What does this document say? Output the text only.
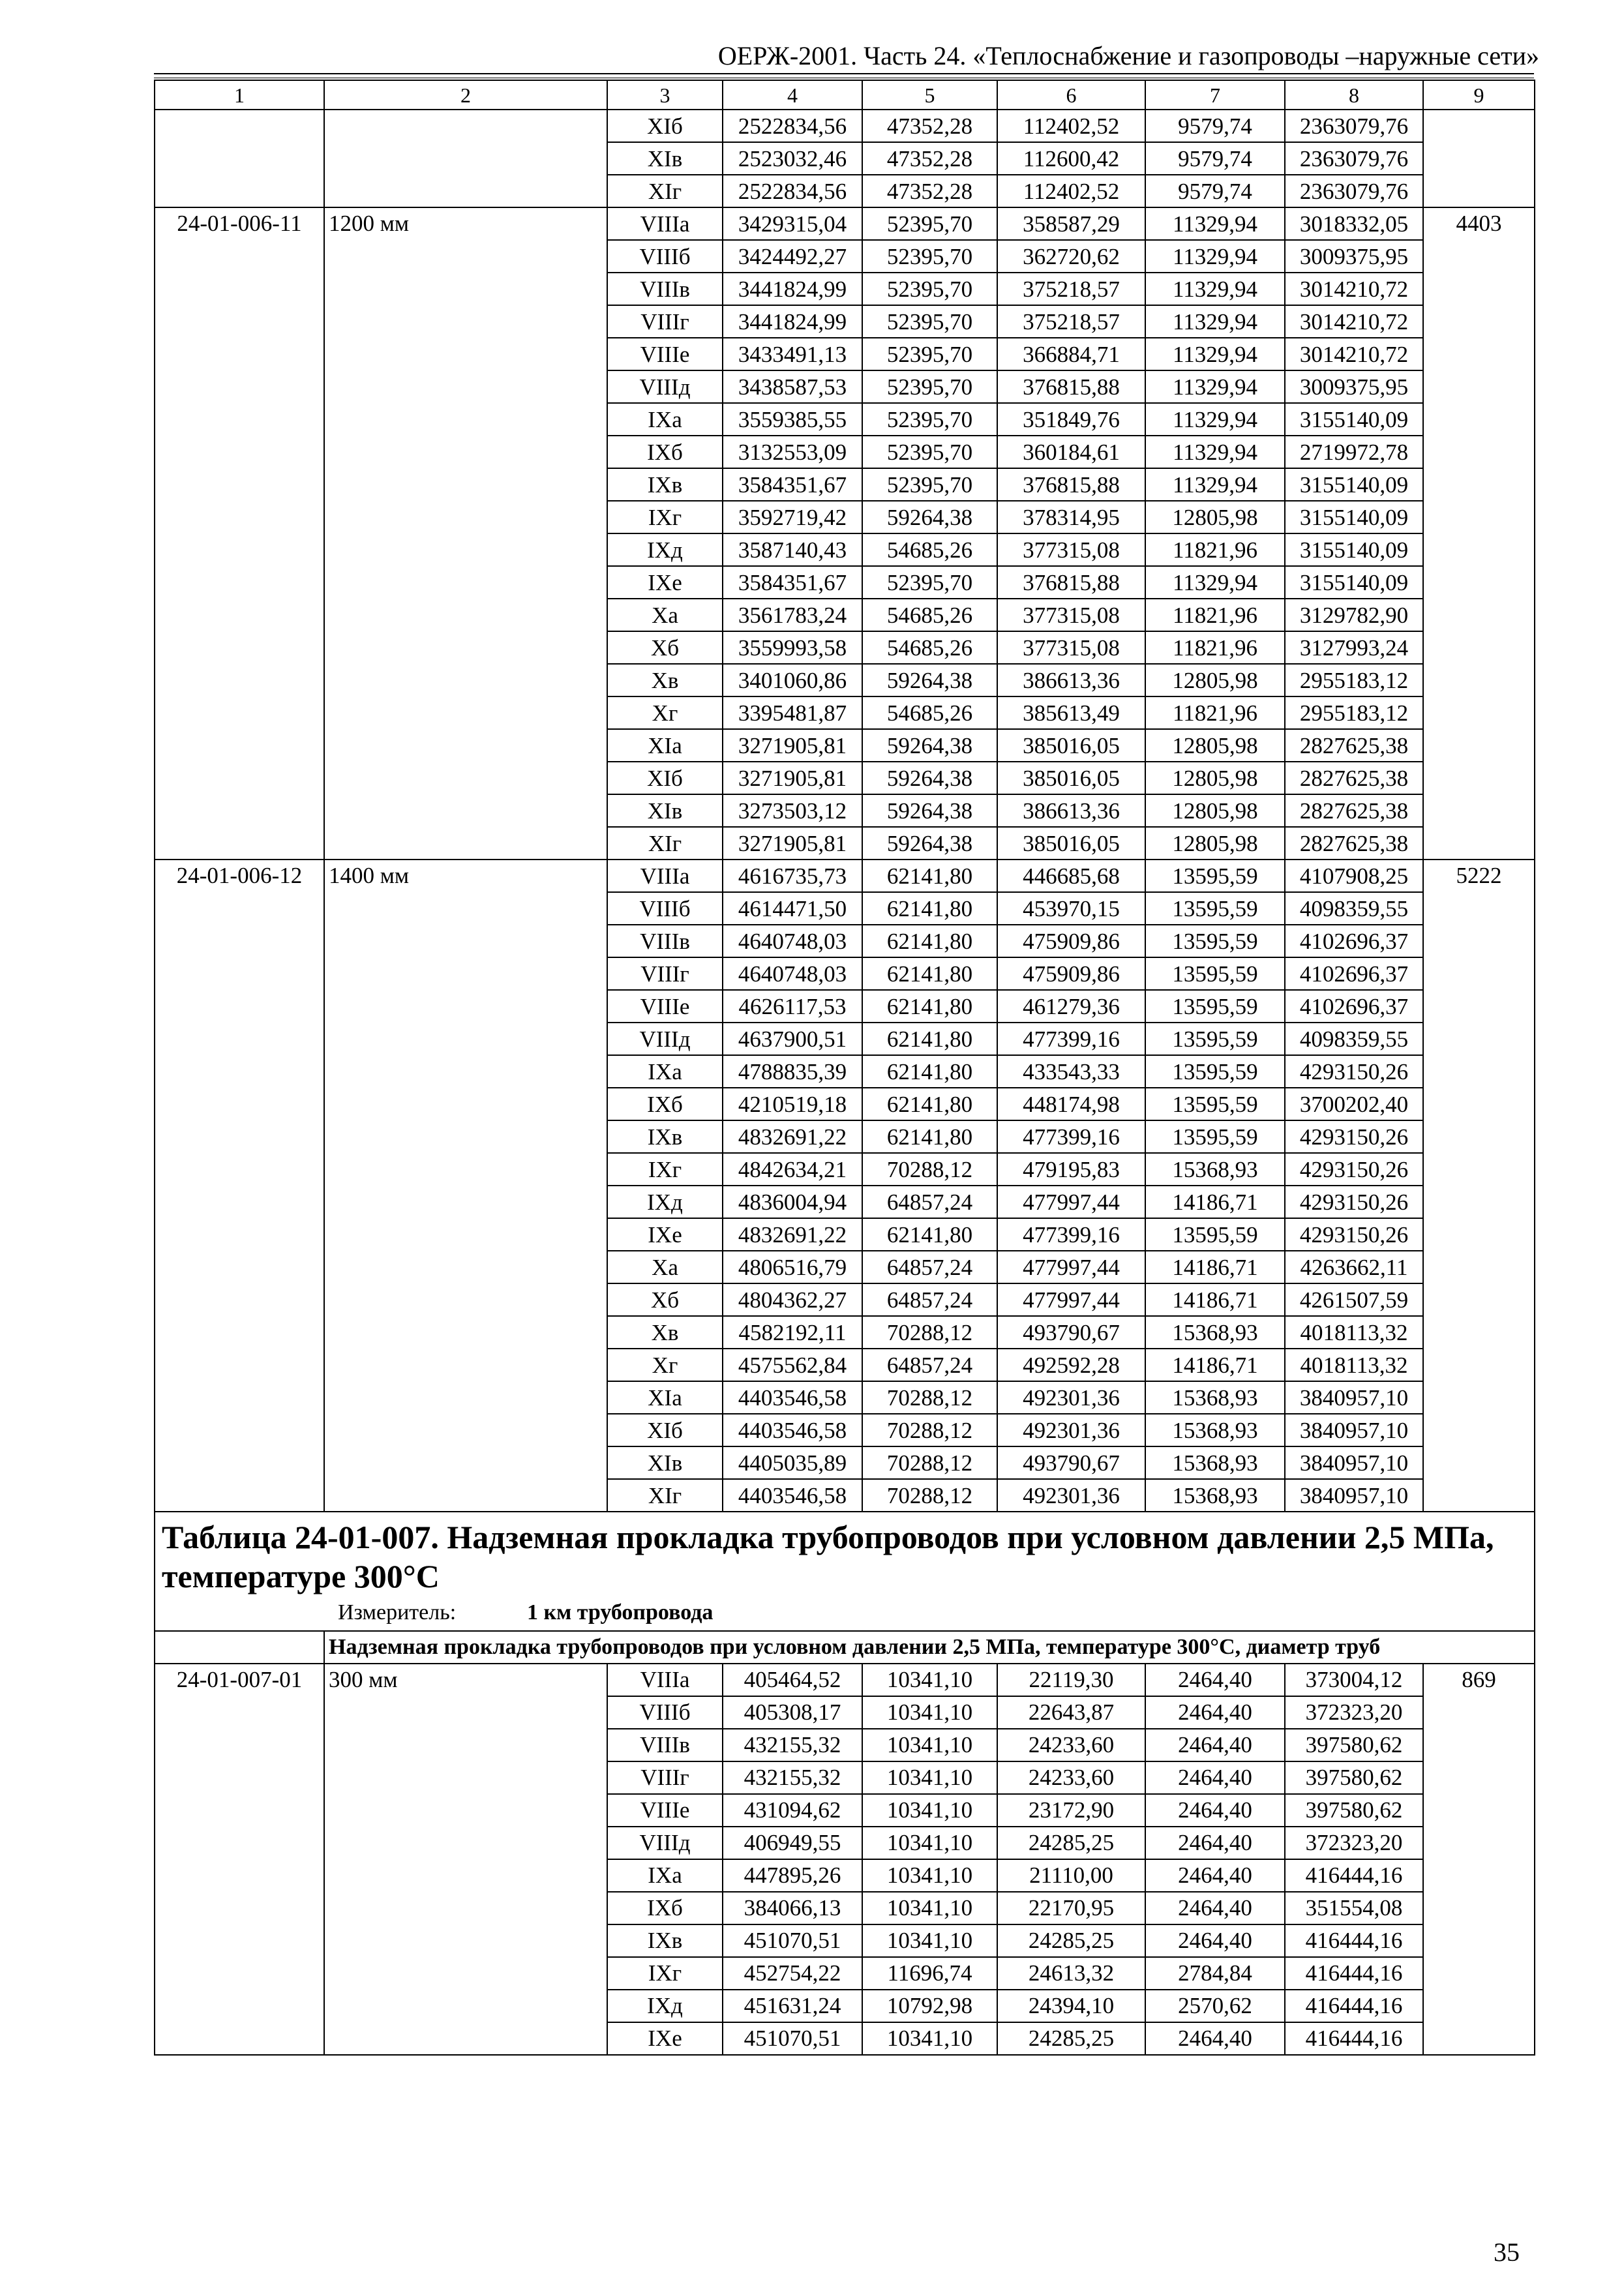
ОЕРЖ-2001. Часть 24. «Теплоснабжение и газопроводы –наружные сети»
1	2	3	4	5	6	7	8	9
		XIб	2522834,56	47352,28	112402,52	9579,74	2363079,76	
		XIв	2523032,46	47352,28	112600,42	9579,74	2363079,76	
		XIг	2522834,56	47352,28	112402,52	9579,74	2363079,76	
24-01-006-11	1200 мм	VIIIа	3429315,04	52395,70	358587,29	11329,94	3018332,05	4403
		VIIIб	3424492,27	52395,70	362720,62	11329,94	3009375,95	
		VIIIв	3441824,99	52395,70	375218,57	11329,94	3014210,72	
		VIIIг	3441824,99	52395,70	375218,57	11329,94	3014210,72	
		VIIIе	3433491,13	52395,70	366884,71	11329,94	3014210,72	
		VIIIд	3438587,53	52395,70	376815,88	11329,94	3009375,95	
		IXа	3559385,55	52395,70	351849,76	11329,94	3155140,09	
		IXб	3132553,09	52395,70	360184,61	11329,94	2719972,78	
		IXв	3584351,67	52395,70	376815,88	11329,94	3155140,09	
		IXг	3592719,42	59264,38	378314,95	12805,98	3155140,09	
		IXд	3587140,43	54685,26	377315,08	11821,96	3155140,09	
		IXе	3584351,67	52395,70	376815,88	11329,94	3155140,09	
		Xа	3561783,24	54685,26	377315,08	11821,96	3129782,90	
		Xб	3559993,58	54685,26	377315,08	11821,96	3127993,24	
		Xв	3401060,86	59264,38	386613,36	12805,98	2955183,12	
		Xг	3395481,87	54685,26	385613,49	11821,96	2955183,12	
		XIа	3271905,81	59264,38	385016,05	12805,98	2827625,38	
		XIб	3271905,81	59264,38	385016,05	12805,98	2827625,38	
		XIв	3273503,12	59264,38	386613,36	12805,98	2827625,38	
		XIг	3271905,81	59264,38	385016,05	12805,98	2827625,38	
24-01-006-12	1400 мм	VIIIа	4616735,73	62141,80	446685,68	13595,59	4107908,25	5222
		VIIIб	4614471,50	62141,80	453970,15	13595,59	4098359,55	
		VIIIв	4640748,03	62141,80	475909,86	13595,59	4102696,37	
		VIIIг	4640748,03	62141,80	475909,86	13595,59	4102696,37	
		VIIIе	4626117,53	62141,80	461279,36	13595,59	4102696,37	
		VIIIд	4637900,51	62141,80	477399,16	13595,59	4098359,55	
		IXа	4788835,39	62141,80	433543,33	13595,59	4293150,26	
		IXб	4210519,18	62141,80	448174,98	13595,59	3700202,40	
		IXв	4832691,22	62141,80	477399,16	13595,59	4293150,26	
		IXг	4842634,21	70288,12	479195,83	15368,93	4293150,26	
		IXд	4836004,94	64857,24	477997,44	14186,71	4293150,26	
		IXе	4832691,22	62141,80	477399,16	13595,59	4293150,26	
		Xа	4806516,79	64857,24	477997,44	14186,71	4263662,11	
		Xб	4804362,27	64857,24	477997,44	14186,71	4261507,59	
		Xв	4582192,11	70288,12	493790,67	15368,93	4018113,32	
		Xг	4575562,84	64857,24	492592,28	14186,71	4018113,32	
		XIа	4403546,58	70288,12	492301,36	15368,93	3840957,10	
		XIб	4403546,58	70288,12	492301,36	15368,93	3840957,10	
		XIв	4405035,89	70288,12	493790,67	15368,93	3840957,10	
		XIг	4403546,58	70288,12	492301,36	15368,93	3840957,10	
Таблица 24-01-007. Надземная прокладка трубопроводов при условном давлении 2,5 МПа, температуре 300°С
Измеритель: 1 км трубопровода								

	Надземная прокладка трубопроводов при условном давлении 2,5 МПа, температуре 300°С, диаметр труб							
24-01-007-01	300 мм	VIIIа	405464,52	10341,10	22119,30	2464,40	373004,12	869
		VIIIб	405308,17	10341,10	22643,87	2464,40	372323,20	
		VIIIв	432155,32	10341,10	24233,60	2464,40	397580,62	
		VIIIг	432155,32	10341,10	24233,60	2464,40	397580,62	
		VIIIе	431094,62	10341,10	23172,90	2464,40	397580,62	
		VIIIд	406949,55	10341,10	24285,25	2464,40	372323,20	
		IXа	447895,26	10341,10	21110,00	2464,40	416444,16	
		IXб	384066,13	10341,10	22170,95	2464,40	351554,08	
		IXв	451070,51	10341,10	24285,25	2464,40	416444,16	
		IXг	452754,22	11696,74	24613,32	2784,84	416444,16	
		IXд	451631,24	10792,98	24394,10	2570,62	416444,16	
		IXе	451070,51	10341,10	24285,25	2464,40	416444,16	
35
